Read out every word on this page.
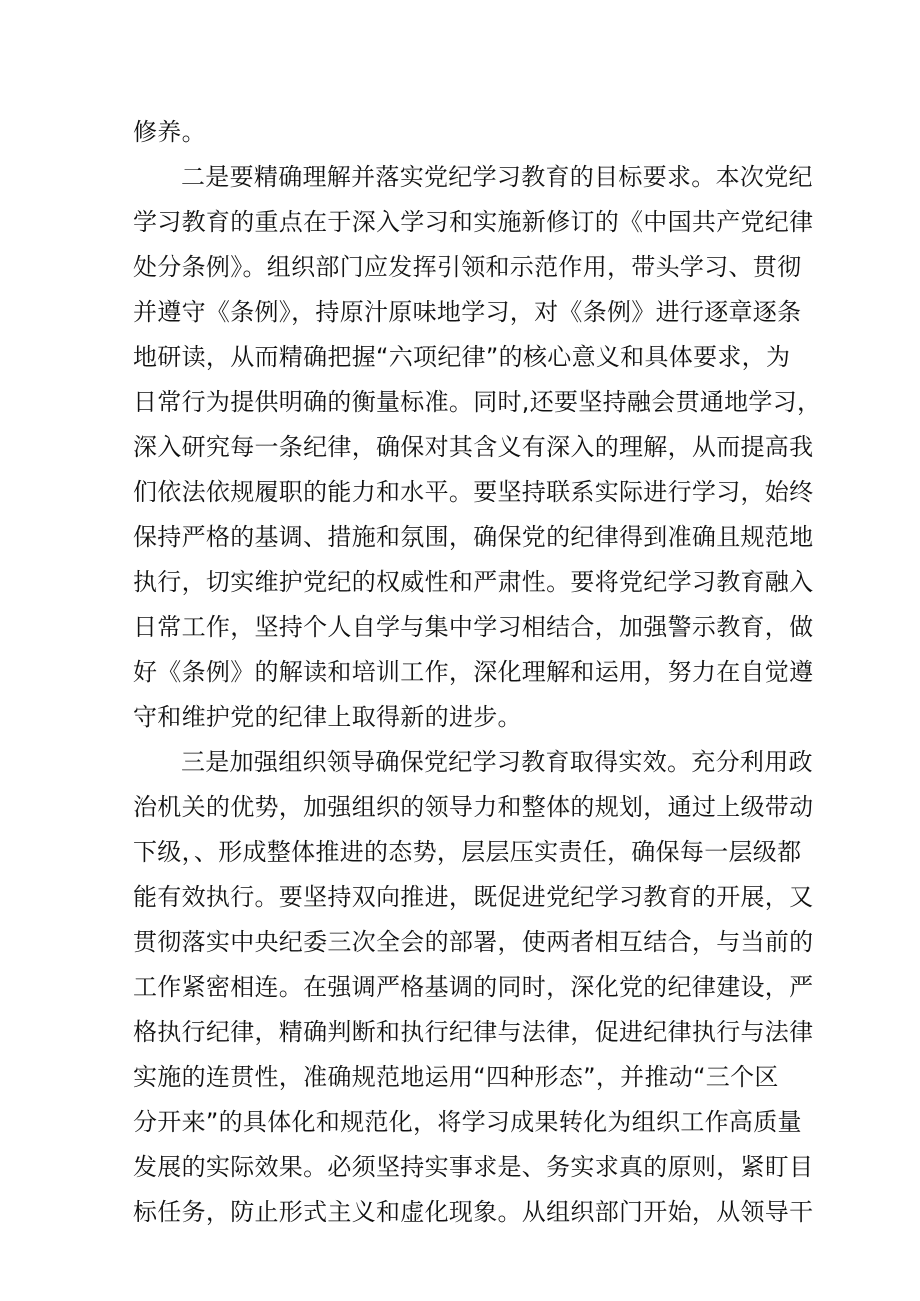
修养。
二是要精确理解并落实党纪学习教育的目标要求。本次党纪
学习教育的重点在于深入学习和实施新修订的《中国共产党纪律
处分条例》。组织部门应发挥引领和示范作用，带头学习、贯彻
并遵守《条例》，持原汁原味地学习，对《条例》进行逐章逐条
地研读，从而精确把握“六项纪律”的核心意义和具体要求，为
日常行为提供明确的衡量标准。同时,还要坚持融会贯通地学习，
深入研究每一条纪律，确保对其含义有深入的理解，从而提高我
们依法依规履职的能力和水平。要坚持联系实际进行学习，始终
保持严格的基调、措施和氛围，确保党的纪律得到准确且规范地
执行，切实维护党纪的权威性和严肃性。要将党纪学习教育融入
日常工作，坚持个人自学与集中学习相结合，加强警示教育，做
好《条例》的解读和培训工作，深化理解和运用，努力在自觉遵
守和维护党的纪律上取得新的进步。
三是加强组织领导确保党纪学习教育取得实效。充分利用政
治机关的优势，加强组织的领导力和整体的规划，通过上级带动
下级，、形成整体推进的态势，层层压实责任，确保每一层级都
能有效执行。要坚持双向推进，既促进党纪学习教育的开展，又
贯彻落实中央纪委三次全会的部署，使两者相互结合，与当前的
工作紧密相连。在强调严格基调的同时，深化党的纪律建设，严
格执行纪律，精确判断和执行纪律与法律，促进纪律执行与法律
实施的连贯性，准确规范地运用“四种形态”，并推动“三个区
分开来”的具体化和规范化，将学习成果转化为组织工作高质量
发展的实际效果。必须坚持实事求是、务实求真的原则，紧盯目
标任务，防止形式主义和虚化现象。从组织部门开始，从领导干
